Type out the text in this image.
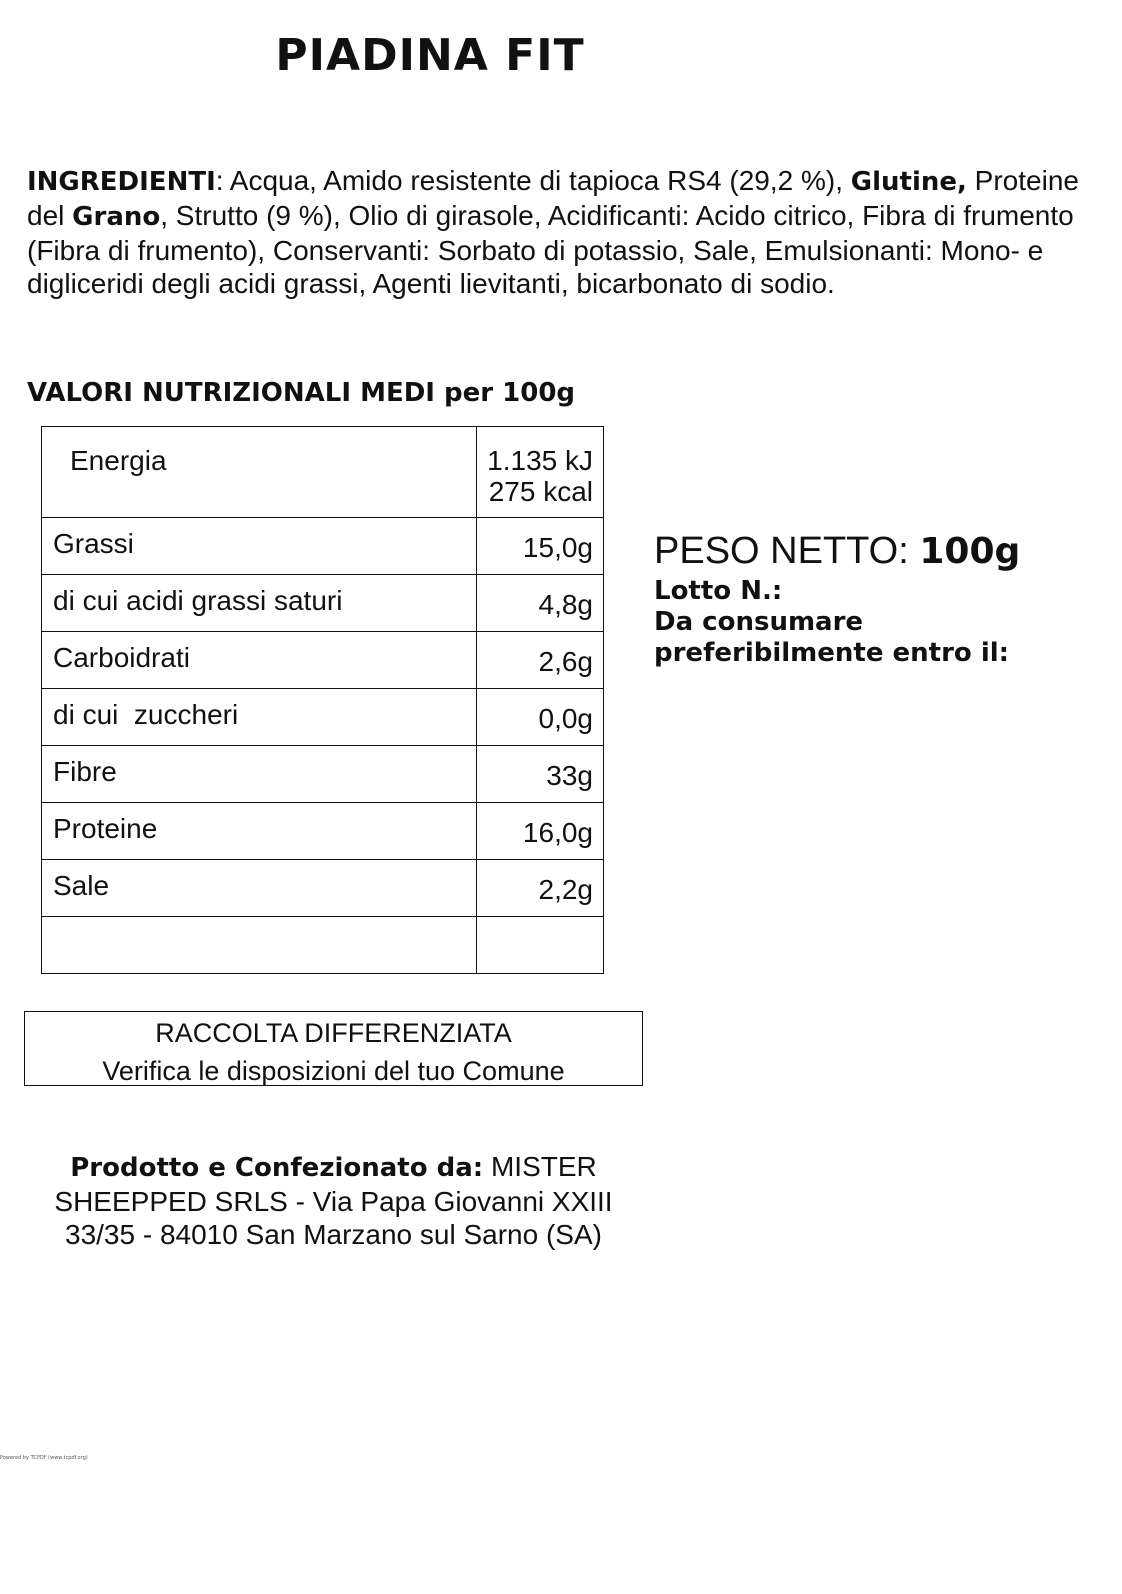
PIADINA FIT
INGREDIENTI: Acqua, Amido resistente di tapioca RS4 (29,2 %), Glutine, Proteine del Grano, Strutto (9 %), Olio di girasole, Acidificanti: Acido citrico, Fibra di frumento (Fibra di frumento), Conservanti: Sorbato di potassio, Sale, Emulsionanti: Mono- e digliceridi degli acidi grassi, Agenti lievitanti, bicarbonato di sodio.
VALORI NUTRIZIONALI MEDI per 100g
Energia	1.135 kJ
275 kcal

Grassi	15,0g
di cui acidi grassi saturi	4,8g
Carboidrati	2,6g
di cui  zuccheri	0,0g
Fibre	33g
Proteine	16,0g
Sale	2,2g

PESO NETTO: 100g
Lotto N.:
Da consumare preferibilmente entro il:
RACCOLTA DIFFERENZIATA
Verifica le disposizioni del tuo Comune
Prodotto e Confezionato da: MISTER SHEEPPED SRLS - Via Papa Giovanni XXIII 33/35 - 84010 San Marzano sul Sarno (SA)
Powered by TCPDF (www.tcpdf.org)
